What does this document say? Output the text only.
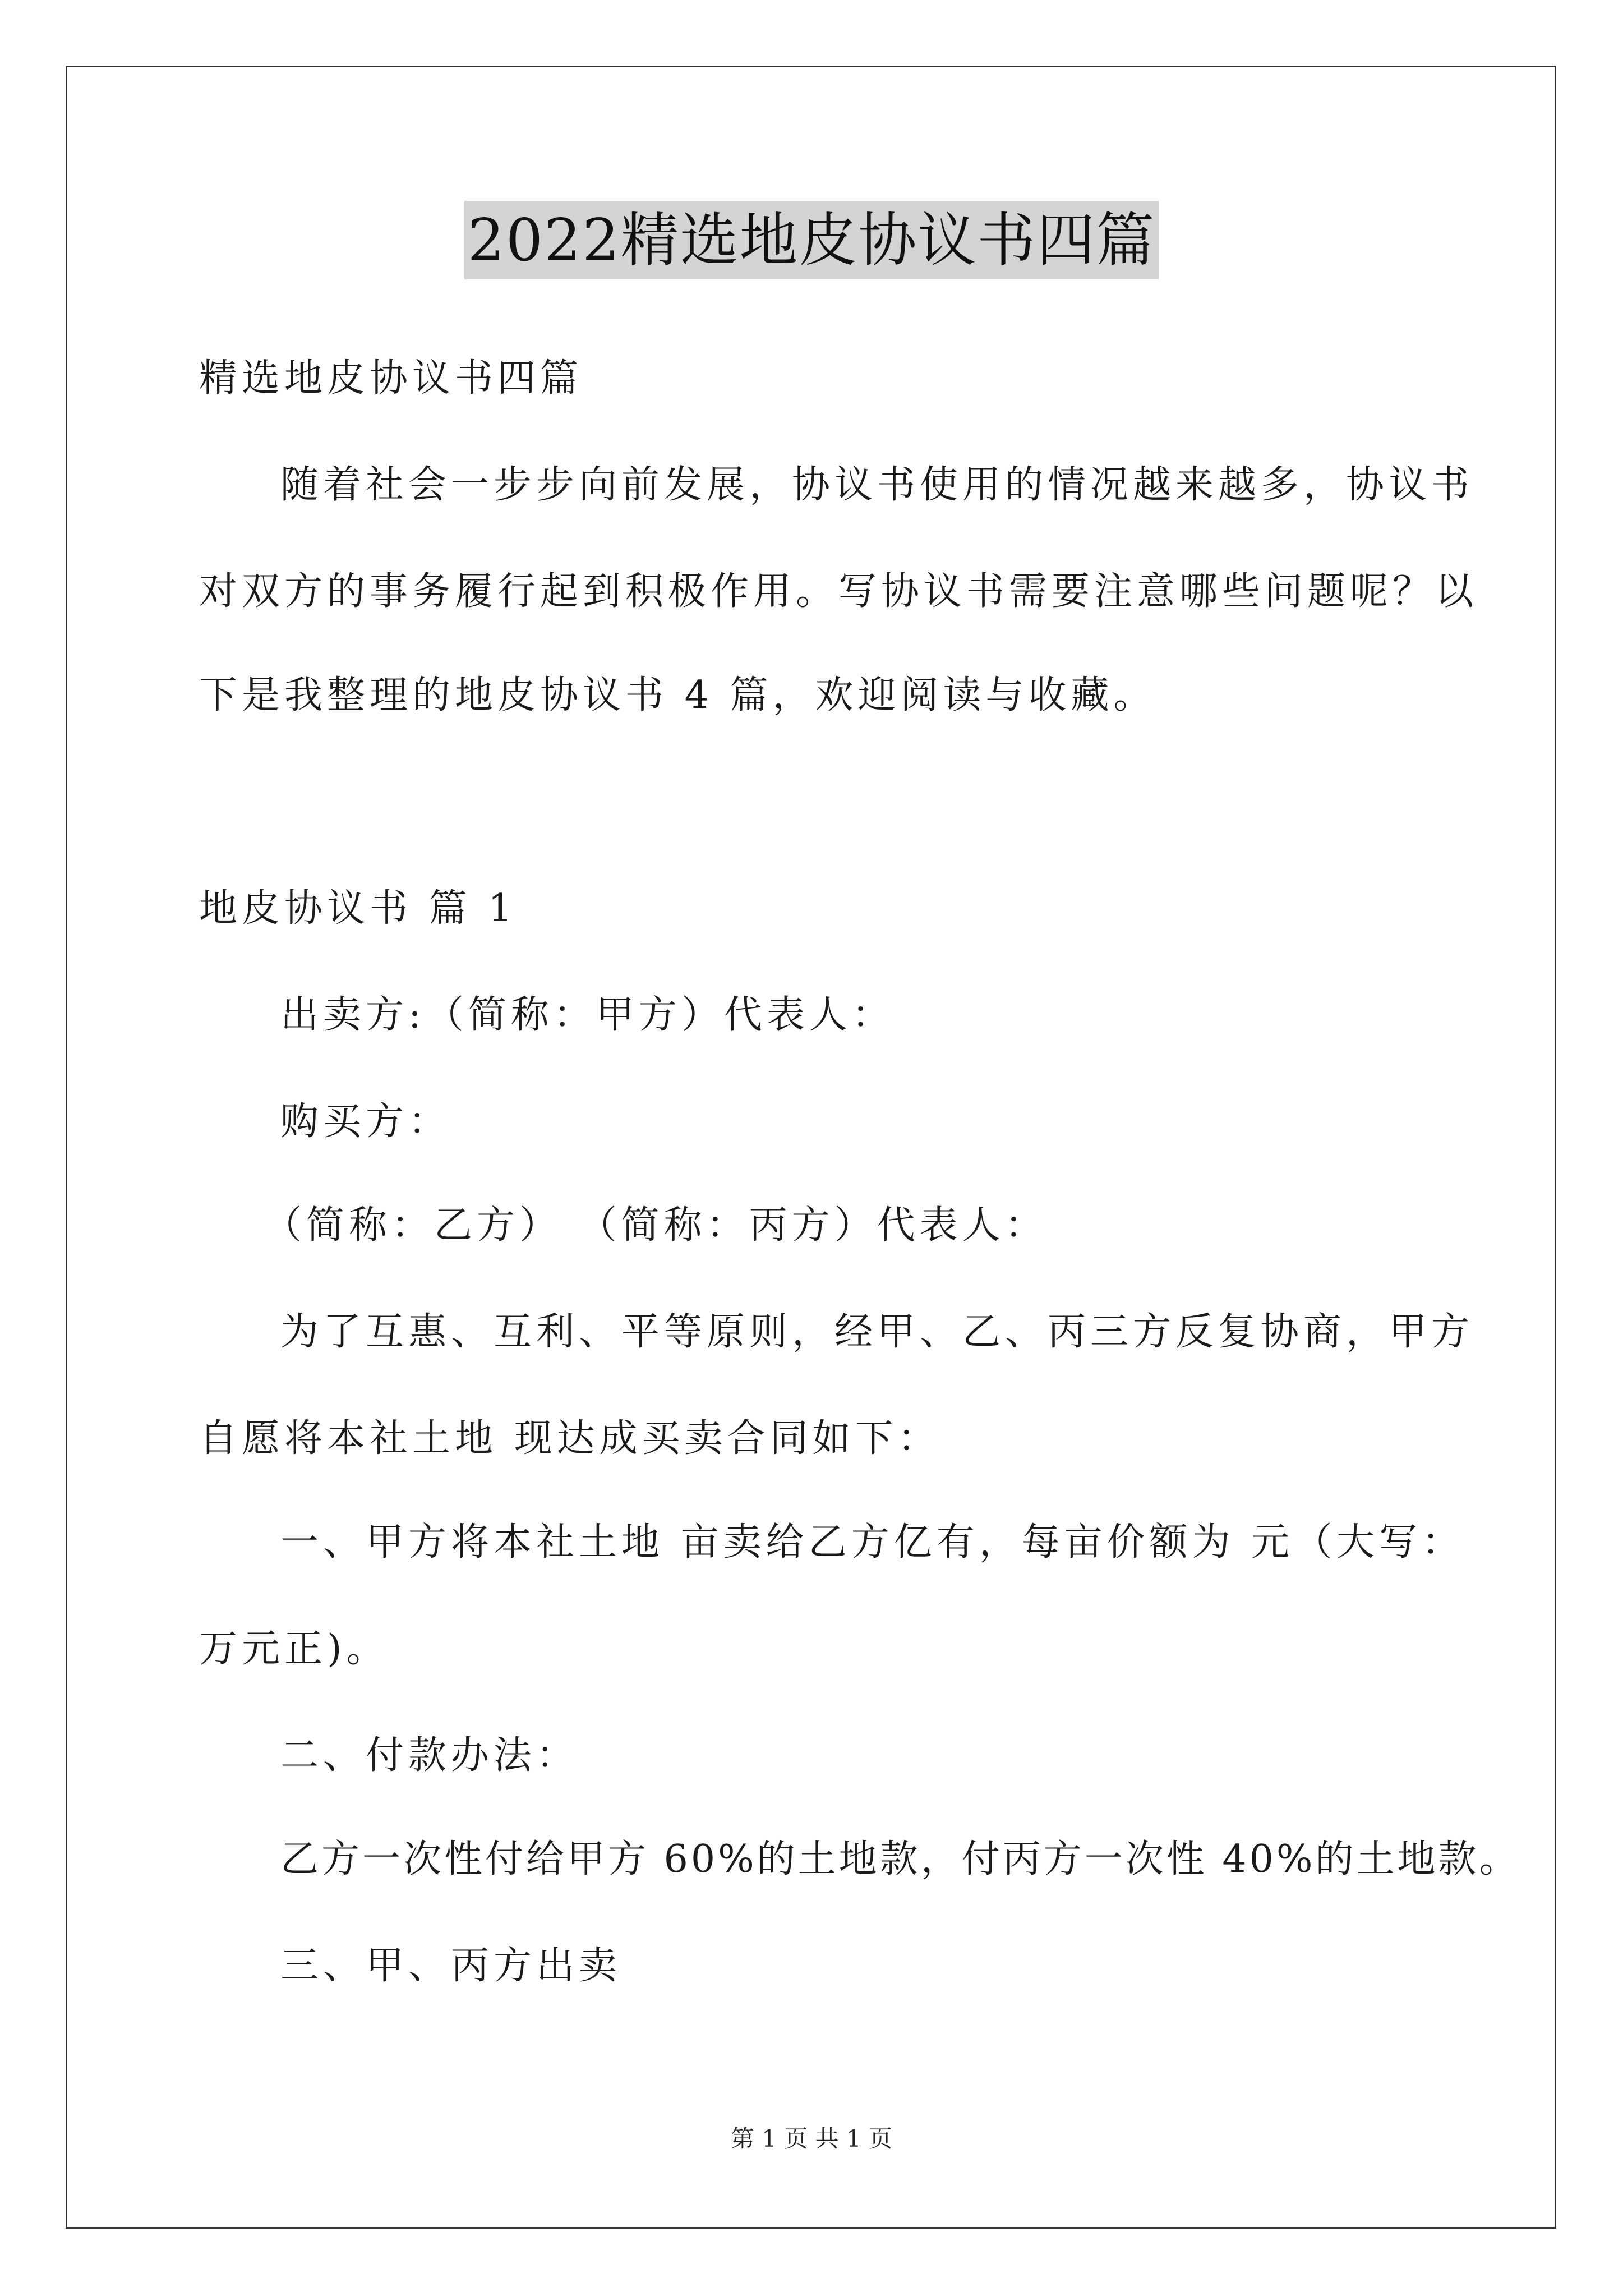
2022精选地皮协议书四篇
精选地皮协议书四篇
随着社会一步步向前发展，协议书使用的情况越来越多，协议书
对双方的事务履行起到积极作用。写协议书需要注意哪些问题呢？以
下是我整理的地皮协议书 4 篇，欢迎阅读与收藏。
地皮协议书 篇 1
出卖方:（简称：甲方）代表人：
购买方：
（简称：乙方） （简称：丙方）代表人：
为了互惠、互利、平等原则，经甲、乙、丙三方反复协商，甲方
自愿将本社土地 现达成买卖合同如下：
一、甲方将本社土地 亩卖给乙方亿有，每亩价额为 元（大写：
万元正)。
二、付款办法：
乙方一次性付给甲方 60%的土地款，付丙方一次性 40%的土地款。
三、甲、丙方出卖
第 1 页 共 1 页
